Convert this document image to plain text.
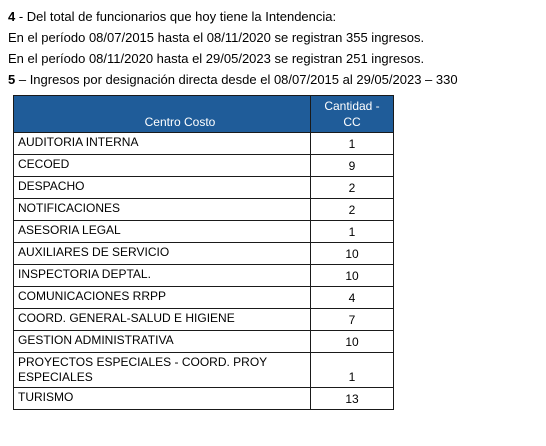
4 - Del total de funcionarios que hoy tiene la Intendencia:
En el período 08/07/2015 hasta el 08/11/2020 se registran 355 ingresos.
En el período 08/11/2020 hasta el 29/05/2023 se registran 251 ingresos.
5 – Ingresos por designación directa desde el 08/07/2015 al 29/05/2023 – 330
Centro Costo	Cantidad - CC
AUDITORIA INTERNA	1
CECOED	9
DESPACHO	2
NOTIFICACIONES	2
ASESORIA LEGAL	1
AUXILIARES DE SERVICIO	10
INSPECTORIA DEPTAL.	10
COMUNICACIONES RRPP	4
COORD. GENERAL-SALUD E HIGIENE	7
GESTION ADMINISTRATIVA	10
PROYECTOS ESPECIALES - COORD. PROY ESPECIALES	1
TURISMO	13
